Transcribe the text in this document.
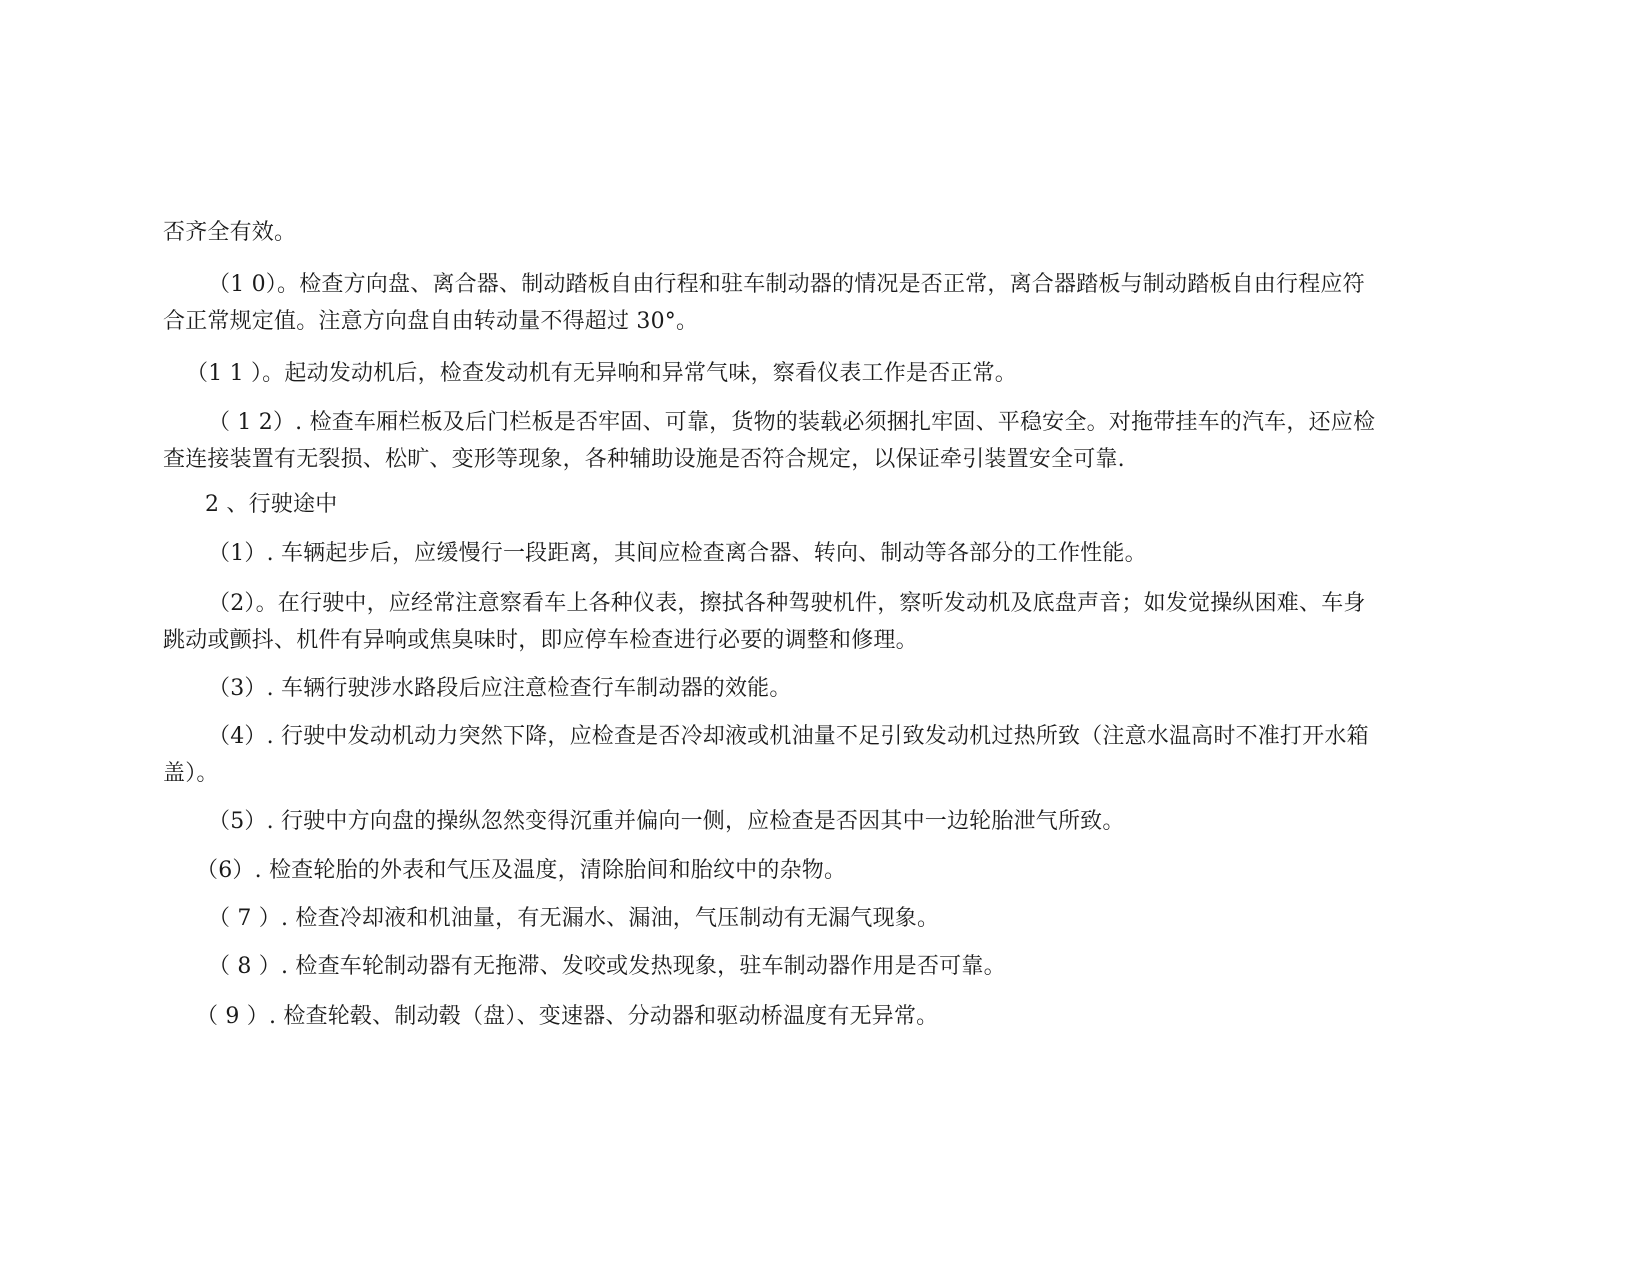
否齐全有效。
（1 0）。检查方向盘、离合器、制动踏板自由行程和驻车制动器的情况是否正常，离合器踏板与制动踏板自由行程应符
合正常规定值。注意方向盘自由转动量不得超过 30°。
（1 1 ）。起动发动机后，检查发动机有无异响和异常气味，察看仪表工作是否正常。
（ 1 2）. 检查车厢栏板及后门栏板是否牢固、可靠，货物的装载必须捆扎牢固、平稳安全。对拖带挂车的汽车，还应检
查连接装置有无裂损、松旷、变形等现象，各种辅助设施是否符合规定，以保证牵引装置安全可靠.
2 、行驶途中
（1）. 车辆起步后，应缓慢行一段距离，其间应检查离合器、转向、制动等各部分的工作性能。
（2）。在行驶中，应经常注意察看车上各种仪表，擦拭各种驾驶机件，察听发动机及底盘声音；如发觉操纵困难、车身
跳动或颤抖、机件有异响或焦臭味时，即应停车检查进行必要的调整和修理。
（3）. 车辆行驶涉水路段后应注意检查行车制动器的效能。
（4）. 行驶中发动机动力突然下降，应检查是否冷却液或机油量不足引致发动机过热所致（注意水温高时不准打开水箱
盖）。
（5）. 行驶中方向盘的操纵忽然变得沉重并偏向一侧，应检查是否因其中一边轮胎泄气所致。
（6）. 检查轮胎的外表和气压及温度，清除胎间和胎纹中的杂物。
（ 7 ）. 检查冷却液和机油量，有无漏水、漏油，气压制动有无漏气现象。
（ 8 ）. 检查车轮制动器有无拖滞、发咬或发热现象，驻车制动器作用是否可靠。
（ 9 ）. 检查轮毂、制动毂（盘）、变速器、分动器和驱动桥温度有无异常。
